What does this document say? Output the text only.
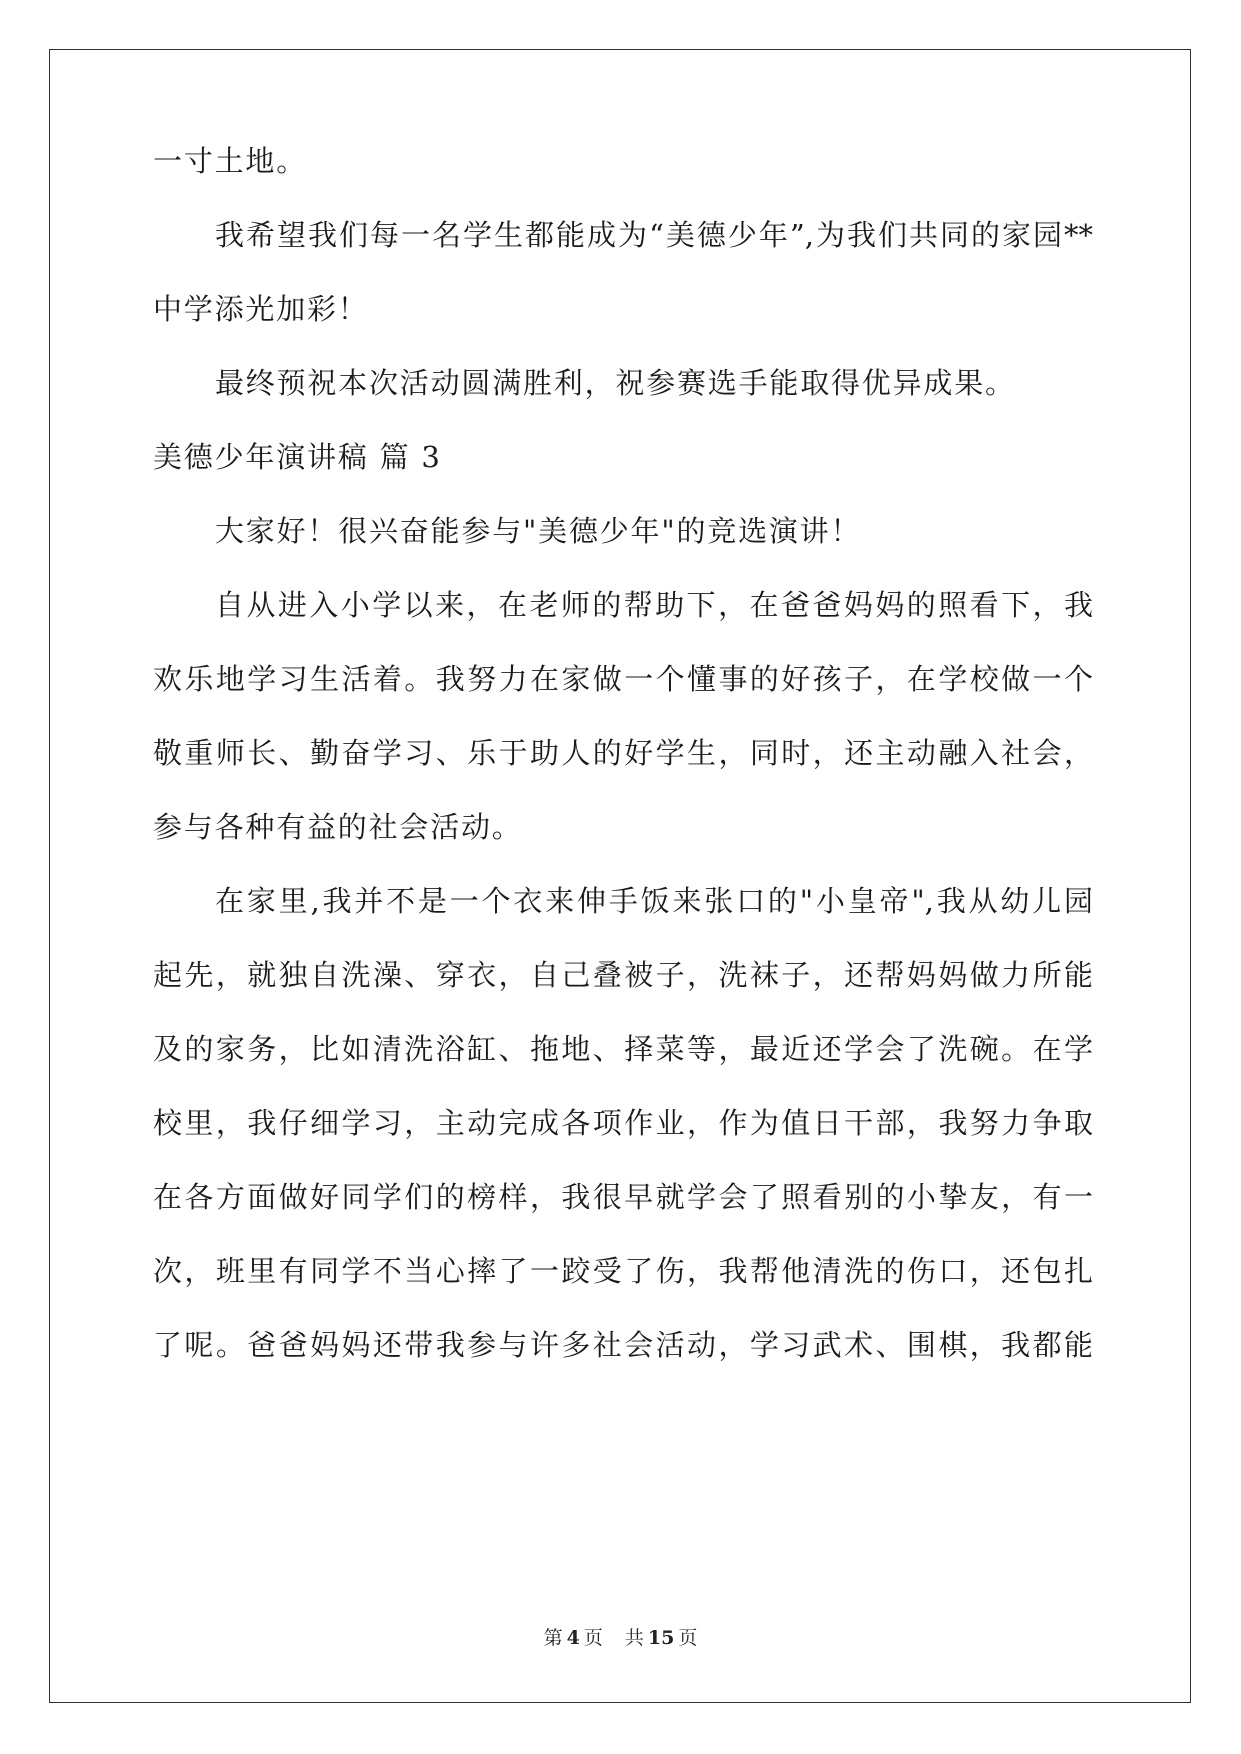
一寸土地。

我希望我们每一名学生都能成为“美德少年”,为我们共同的家园**

中学添光加彩！

最终预祝本次活动圆满胜利，祝参赛选手能取得优异成果。

美德少年演讲稿 篇 3

大家好！很兴奋能参与"美德少年"的竞选演讲！

自从进入小学以来，在老师的帮助下，在爸爸妈妈的照看下，我

欢乐地学习生活着。我努力在家做一个懂事的好孩子，在学校做一个

敬重师长、勤奋学习、乐于助人的好学生，同时，还主动融入社会，

参与各种有益的社会活动。

在家里,我并不是一个衣来伸手饭来张口的"小皇帝",我从幼儿园

起先，就独自洗澡、穿衣，自己叠被子，洗袜子，还帮妈妈做力所能

及的家务，比如清洗浴缸、拖地、择菜等，最近还学会了洗碗。在学

校里，我仔细学习，主动完成各项作业，作为值日干部，我努力争取

在各方面做好同学们的榜样，我很早就学会了照看别的小挚友，有一

次，班里有同学不当心摔了一跤受了伤，我帮他清洗的伤口，还包扎

了呢。爸爸妈妈还带我参与许多社会活动，学习武术、围棋，我都能

第 4 页 共 15 页
